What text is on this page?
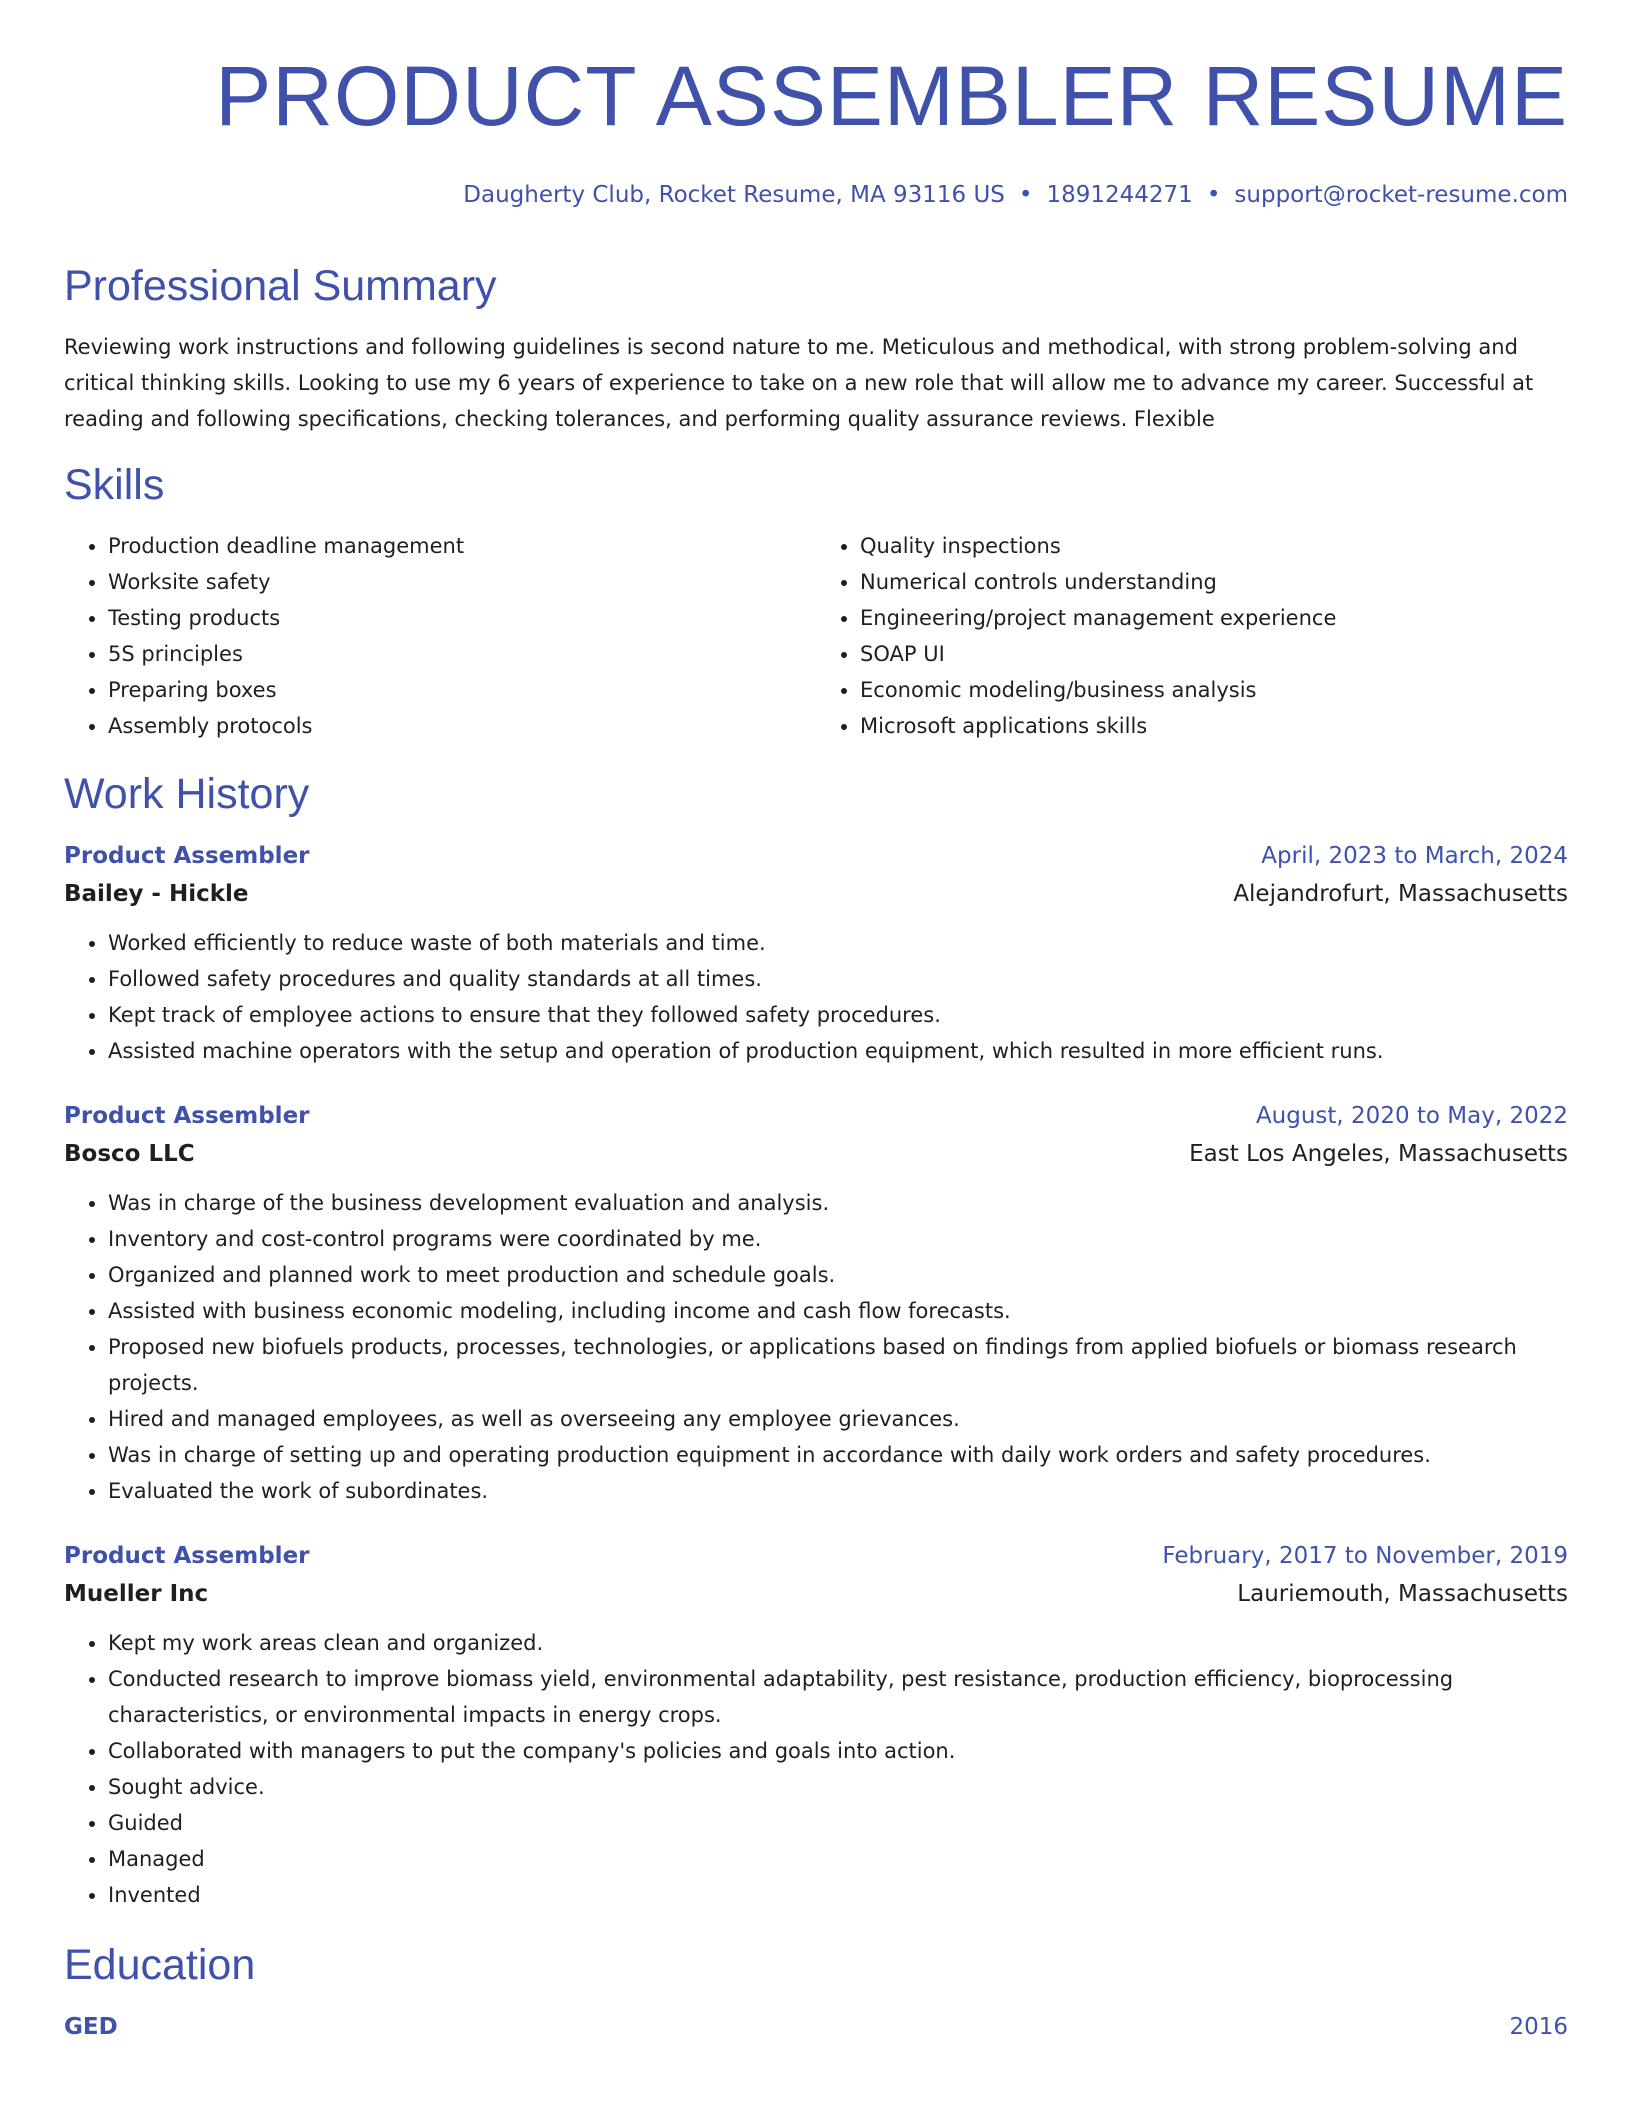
PRODUCT ASSEMBLER RESUME
Daugherty Club, Rocket Resume, MA 93116 US • 1891244271 • support@rocket-resume.com
Professional Summary

Reviewing work instructions and following guidelines is second nature to me. Meticulous and methodical, with strong problem-solving and critical thinking skills. Looking to use my 6 years of experience to take on a new role that will allow me to advance my career. Successful at reading and following specifications, checking tolerances, and performing quality assurance reviews. Flexible

Skills
• Production deadline management
• Worksite safety
• Testing products
• 5S principles
• Preparing boxes
• Assembly protocols
• Quality inspections
• Numerical controls understanding
• Engineering/project management experience
• SOAP UI
• Economic modeling/business analysis
• Microsoft applications skills
Work History
Product Assembler	April, 2023 to March, 2024
Bailey - Hickle	Alejandrofurt, Massachusetts
• Worked efficiently to reduce waste of both materials and time.
• Followed safety procedures and quality standards at all times.
• Kept track of employee actions to ensure that they followed safety procedures.
• Assisted machine operators with the setup and operation of production equipment, which resulted in more efficient runs.
Product Assembler	August, 2020 to May, 2022
Bosco LLC	East Los Angeles, Massachusetts
• Was in charge of the business development evaluation and analysis.
• Inventory and cost-control programs were coordinated by me.
• Organized and planned work to meet production and schedule goals.
• Assisted with business economic modeling, including income and cash flow forecasts.
• Proposed new biofuels products, processes, technologies, or applications based on findings from applied biofuels or biomass research projects.
• Hired and managed employees, as well as overseeing any employee grievances.
• Was in charge of setting up and operating production equipment in accordance with daily work orders and safety procedures.
• Evaluated the work of subordinates.
Product Assembler	February, 2017 to November, 2019
Mueller Inc	Lauriemouth, Massachusetts
• Kept my work areas clean and organized.
• Conducted research to improve biomass yield, environmental adaptability, pest resistance, production efficiency, bioprocessing characteristics, or environmental impacts in energy crops.
• Collaborated with managers to put the company's policies and goals into action.
• Sought advice.
• Guided
• Managed
• Invented
Education
GED	2016
